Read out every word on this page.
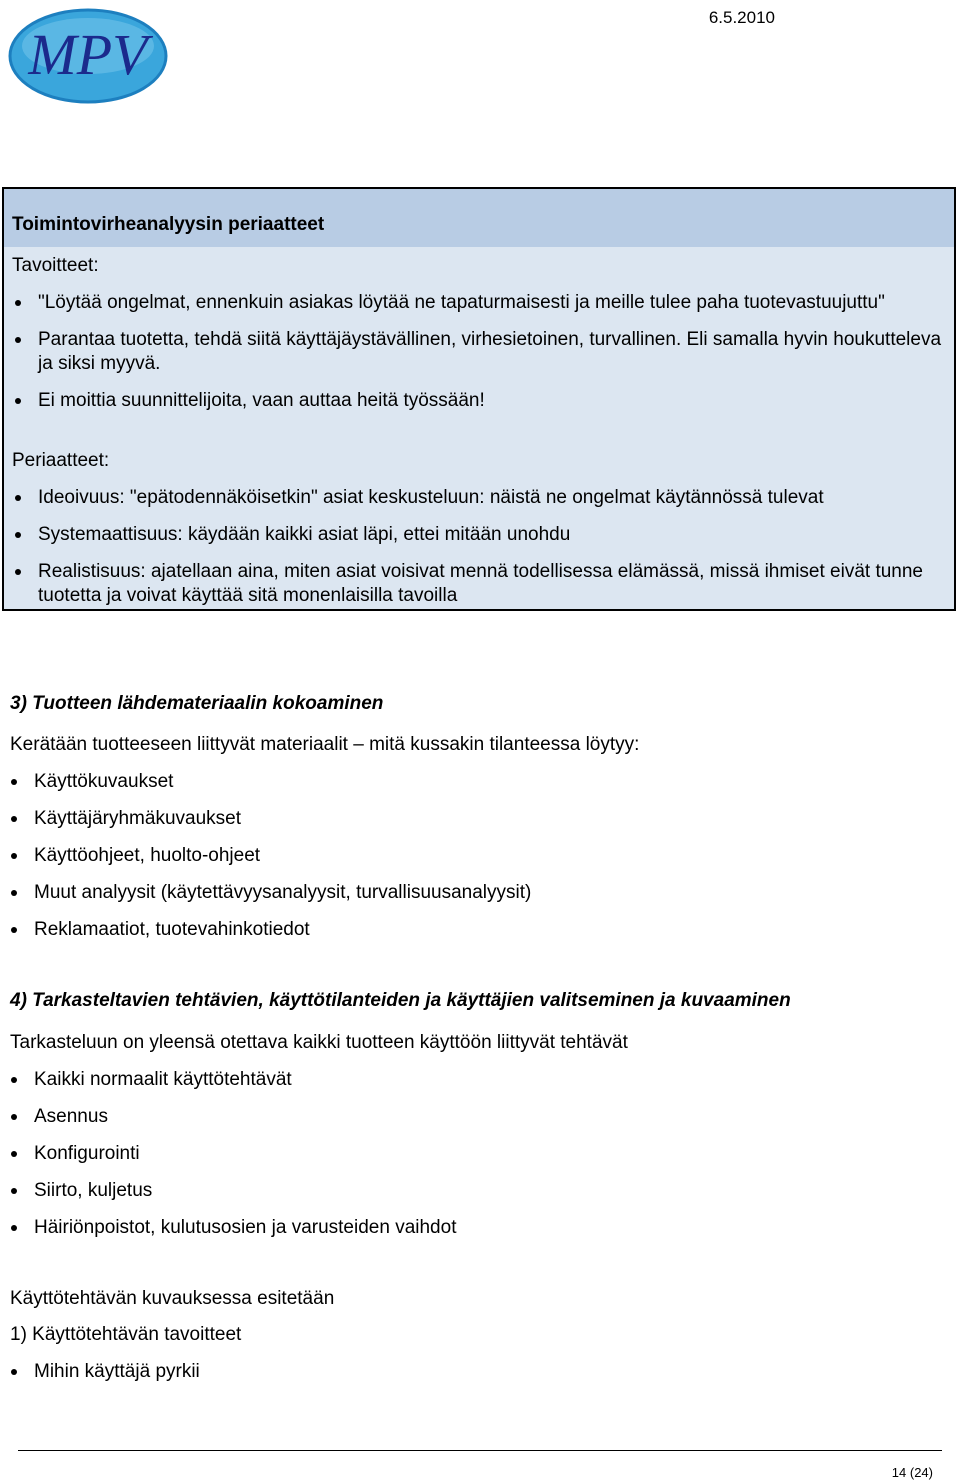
MPV
6.5.2010
Toimintovirheanalyysin periaatteet
Tavoitteet:
"Löytää ongelmat, ennenkuin asiakas löytää ne tapaturmaisesti ja meille tulee paha tuotevastuujuttu"
Parantaa tuotetta, tehdä siitä käyttäjäystävällinen, virhesietoinen, turvallinen. Eli samalla hyvin houkutteleva ja siksi myyvä.
Ei moittia suunnittelijoita, vaan auttaa heitä työssään!
Periaatteet:
Ideoivuus: "epätodennäköisetkin" asiat keskusteluun: näistä ne ongelmat käytännössä tulevat
Systemaattisuus: käydään kaikki asiat läpi, ettei mitään unohdu
Realistisuus: ajatellaan aina, miten asiat voisivat mennä todellisessa elämässä, missä ihmiset eivät tunne tuotetta ja voivat käyttää sitä monenlaisilla tavoilla
3) Tuotteen lähdemateriaalin kokoaminen
Kerätään tuotteeseen liittyvät materiaalit – mitä kussakin tilanteessa löytyy:
Käyttökuvaukset
Käyttäjäryhmäkuvaukset
Käyttöohjeet, huolto-ohjeet
Muut analyysit (käytettävyysanalyysit, turvallisuusanalyysit)
Reklamaatiot, tuotevahinkotiedot
4) Tarkasteltavien tehtävien, käyttötilanteiden ja käyttäjien valitseminen ja kuvaaminen
Tarkasteluun on yleensä otettava kaikki tuotteen käyttöön liittyvät tehtävät
Kaikki normaalit käyttötehtävät
Asennus
Konfigurointi
Siirto, kuljetus
Häiriönpoistot, kulutusosien ja varusteiden vaihdot
Käyttötehtävän kuvauksessa esitetään
1) Käyttötehtävän tavoitteet
Mihin käyttäjä pyrkii
14 (24)
